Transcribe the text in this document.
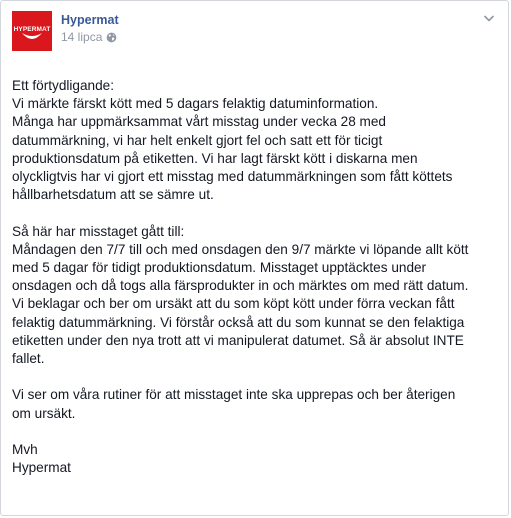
HYPERMAT
Hypermat
14 lipca

Ett förtydligande:
Vi märkte färskt kött med 5 dagars felaktig datuminformation.
Många har uppmärksammat vårt misstag under vecka 28 med
datummärkning, vi har helt enkelt gjort fel och satt ett för ticigt
produktionsdatum på etiketten. Vi har lagt färskt kött i diskarna men
olyckligtvis har vi gjort ett misstag med datummärkningen som fått köttets
hållbarhetsdatum att se sämre ut.

Så här har misstaget gått till:
Måndagen den 7/7 till och med onsdagen den 9/7 märkte vi löpande allt kött
med 5 dagar för tidigt produktionsdatum. Misstaget upptäcktes under
onsdagen och då togs alla färsprodukter in och märktes om med rätt datum.
Vi beklagar och ber om ursäkt att du som köpt kött under förra veckan fått
felaktig datummärkning. Vi förstår också att du som kunnat se den felaktiga
etiketten under den nya trott att vi manipulerat datumet. Så är absolut INTE
fallet.

Vi ser om våra rutiner för att misstaget inte ska upprepas och ber återigen
om ursäkt.

Mvh
Hypermat
